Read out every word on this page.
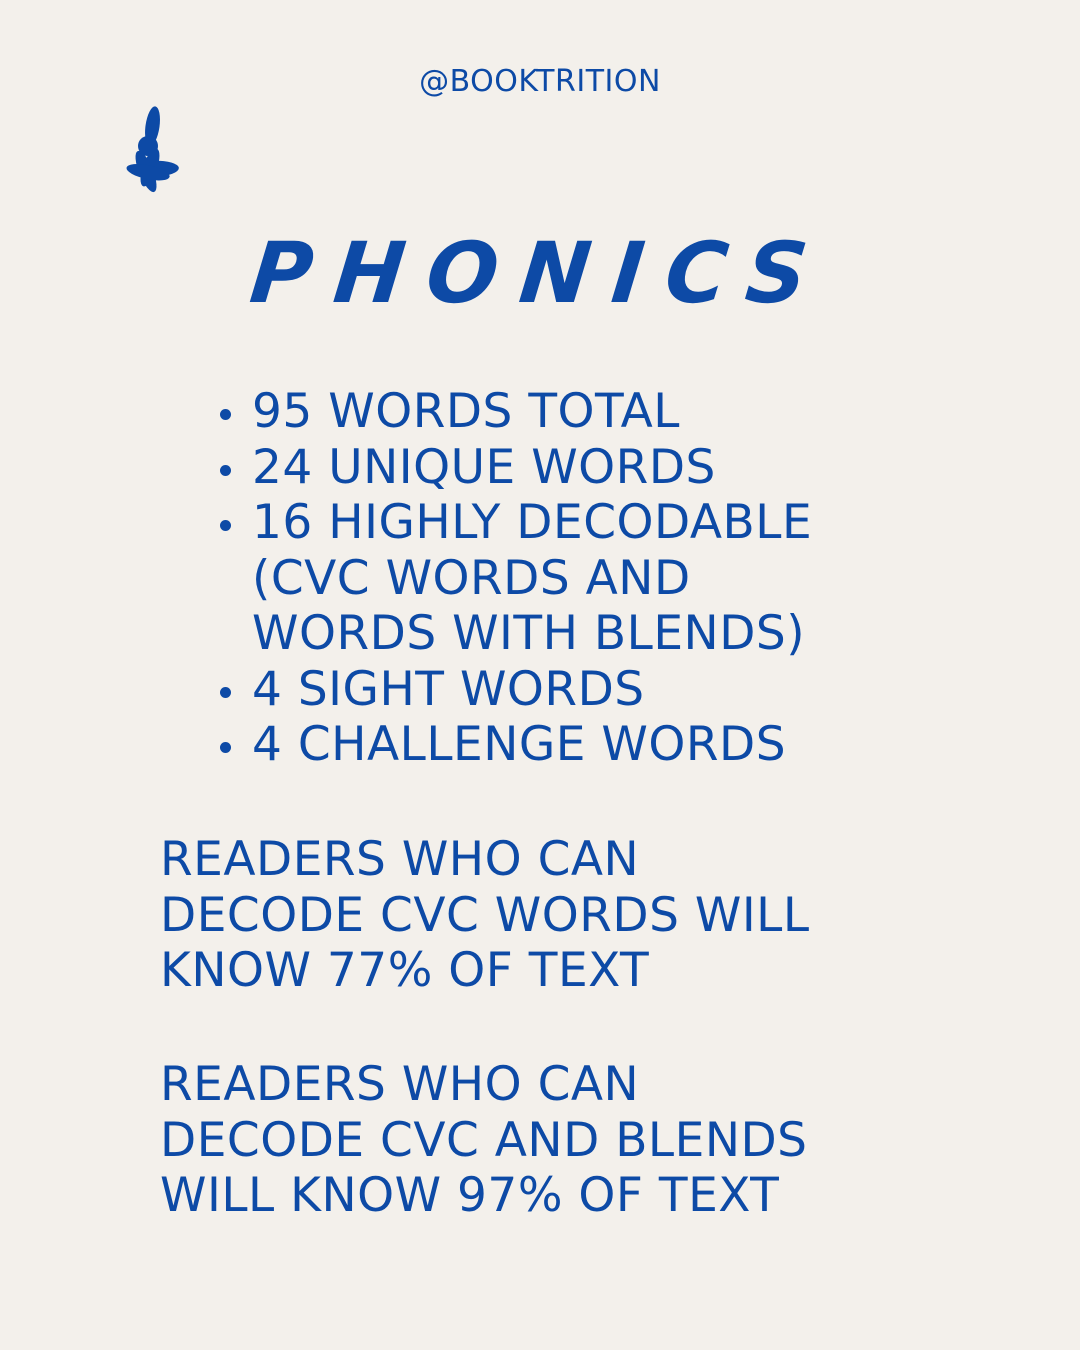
@BOOKTRITION
PHONICS
95 WORDS TOTAL
24 UNIQUE WORDS
16 HIGHLY DECODABLE
(CVC WORDS AND
WORDS WITH BLENDS)
4 SIGHT WORDS
4 CHALLENGE WORDS

READERS WHO CAN
DECODE CVC WORDS WILL
KNOW 77% OF TEXT

READERS WHO CAN
DECODE CVC AND BLENDS
WILL KNOW 97% OF TEXT
